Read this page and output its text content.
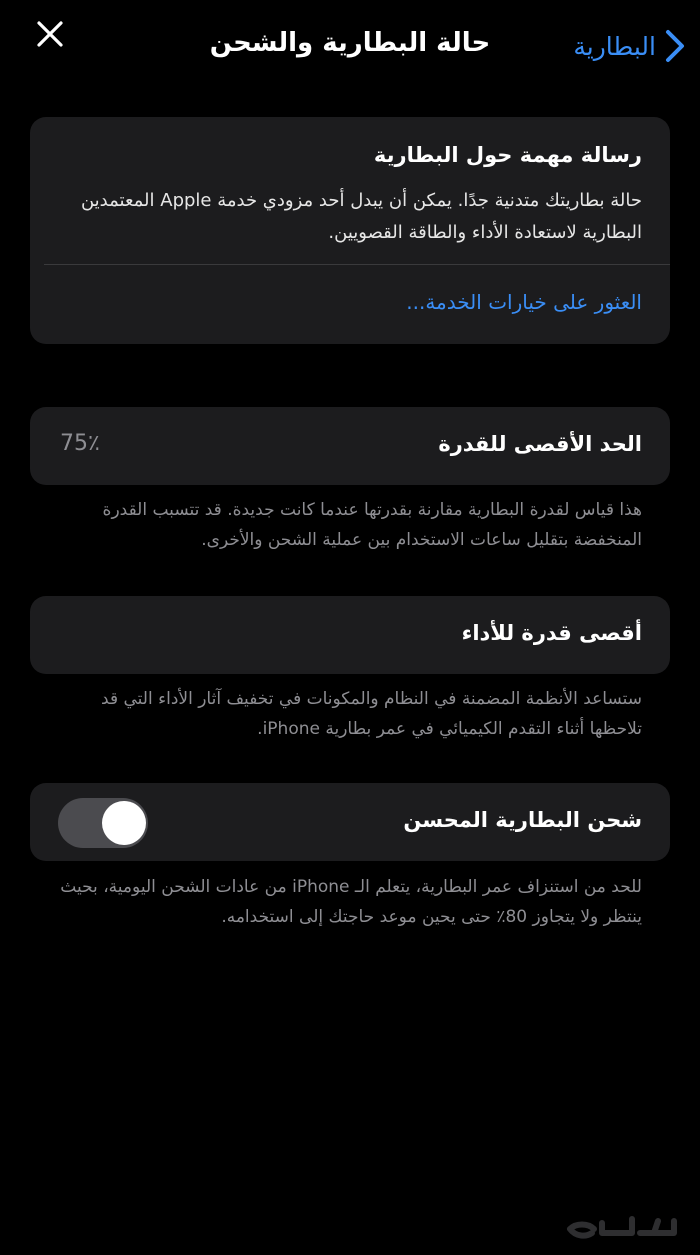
حالة البطارية والشحن	البطارية
رسالة مهمة حول البطارية
حالة بطاريتك متدنية جدًا. يمكن أن يبدل أحد مزودي خدمة Apple المعتمدين البطارية لاستعادة الأداء والطاقة القصويين.
العثور على خيارات الخدمة...
الحد الأقصى للقدرة
75٪
هذا قياس لقدرة البطارية مقارنة بقدرتها عندما كانت جديدة. قد تتسبب القدرة المنخفضة بتقليل ساعات الاستخدام بين عملية الشحن والأخرى.
أقصى قدرة للأداء
ستساعد الأنظمة المضمنة في النظام والمكونات في تخفيف آثار الأداء التي قد تلاحظها أثناء التقدم الكيميائي في عمر بطارية iPhone.
شحن البطارية المحسن
للحد من استنزاف عمر البطارية، يتعلم الـ iPhone من عادات الشحن اليومية، بحيث ينتظر ولا يتجاوز 80٪ حتى يحين موعد حاجتك إلى استخدامه.
